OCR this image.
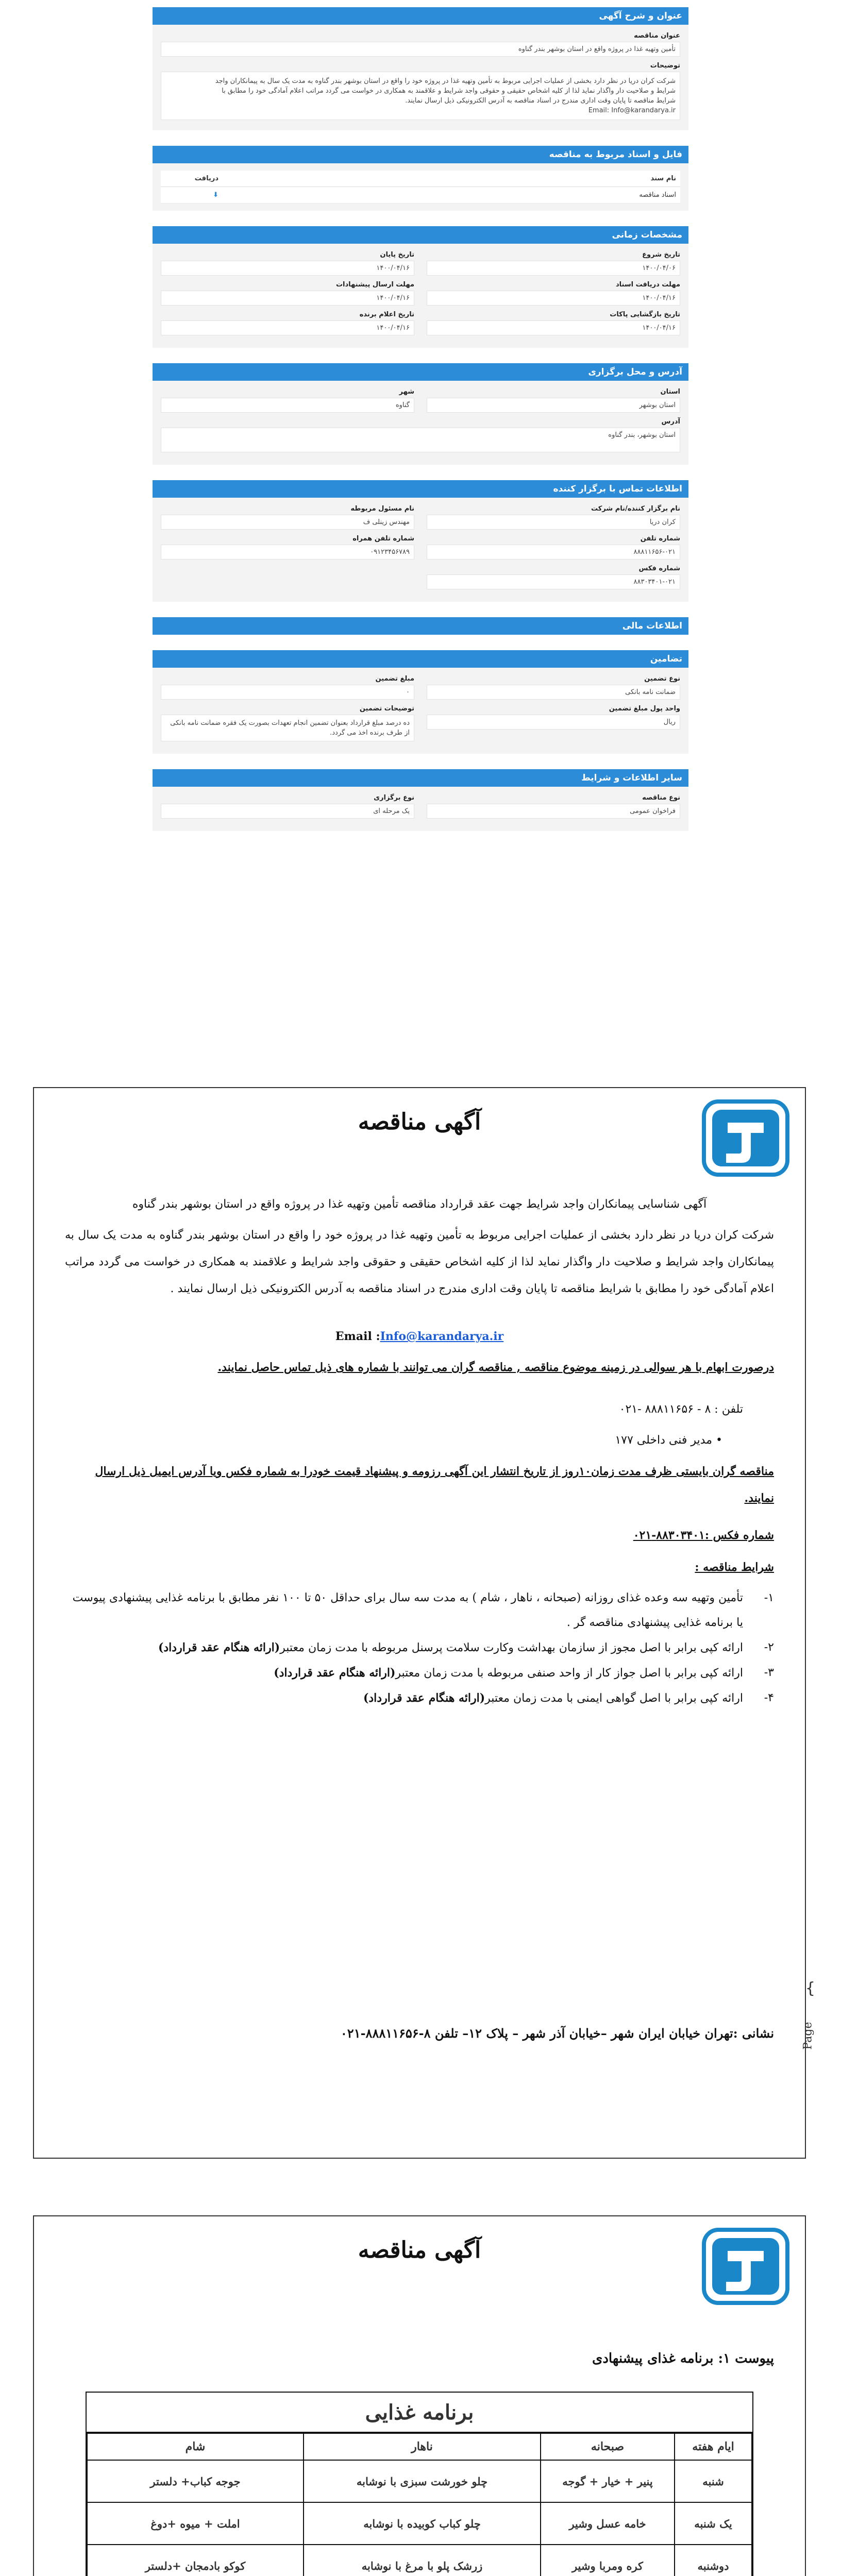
عنوان و شرح آگهی
عنوان مناقصه
تأمین وتهیه غذا در پروژه واقع در استان بوشهر بندر گناوه
توضیحات
شرکت کران دریا در نظر دارد بخشی از عملیات اجرایی مربوط به تأمین وتهیه غذا در پروژه خود را واقع در استان بوشهر بندر گناوه به مدت یک سال به پیمانکاران واجد
شرایط و صلاحیت دار واگذار نماید لذا از کلیه اشخاص حقیقی و حقوقی واجد شرایط و علاقمند به همکاری در خواست می گردد مراتب اعلام آمادگی خود را مطابق با
شرایط مناقصه تا پایان وقت اداری مندرج در اسناد مناقصه به آدرس الکترونیکی ذیل ارسال نمایند.
Email: Info@karandarya.ir
فایل و اسناد مربوط به مناقصه
نام سند	دریافت
اسناد مناقصه	⬇
مشخصات زمانی
تاریخ شروع
۱۴۰۰/۰۴/۰۶
مهلت دریافت اسناد
۱۴۰۰/۰۴/۱۶
تاریخ بازگشایی پاکات
۱۴۰۰/۰۴/۱۶
تاریخ پایان
۱۴۰۰/۰۴/۱۶
مهلت ارسال پیشنهادات
۱۴۰۰/۰۴/۱۶
تاریخ اعلام برنده
۱۴۰۰/۰۴/۱۶
آدرس و محل برگزاری
استان
استان بوشهر
شهر
گناوه
آدرس
استان بوشهر، بندر گناوه
اطلاعات تماس با برگزار کننده
نام برگزار کننده/نام شرکت
کران دریا
شماره تلفن
۸۸۸۱۱۶۵۶-۰۲۱
شماره فکس
۸۸۳۰۳۴۰۱-۰۲۱
نام مسئول مربوطه
مهندس زینلی ف
شماره تلفن همراه
۰۹۱۲۳۴۵۶۷۸۹
اطلاعات مالی
تضامین
نوع تضمین
ضمانت نامه بانکی
واحد پول مبلغ تضمین
ریال
مبلغ تضمین
۰
توضیحات تضمین
ده درصد مبلغ قرارداد بعنوان تضمین انجام تعهدات بصورت یک فقره ضمانت نامه بانکی از طرف برنده اخذ می گردد.
سایر اطلاعات و شرایط
نوع مناقصه
فراخوان عمومی
نوع برگزاری
یک مرحله ای
آگهی مناقصه
آگهی شناسایی پیمانکاران واجد شرایط جهت عقد قرارداد مناقصه تأمین وتهیه غذا در پروژه واقع در استان بوشهر بندر گناوه
شرکت کران دریا در نظر دارد بخشی از عملیات اجرایی مربوط به تأمین وتهیه غذا در پروژه خود را واقع در استان بوشهر بندر گناوه به مدت یک سال به پیمانکاران واجد شرایط و صلاحیت دار واگذار نماید لذا از کلیه اشخاص حقیقی و حقوقی واجد شرایط و علاقمند به همکاری در خواست می گردد مراتب اعلام آمادگی خود را مطابق با شرایط مناقصه تا پایان وقت اداری مندرج در اسناد مناقصه به آدرس الکترونیکی ذیل ارسال نمایند .
Email :Info@karandarya.ir
درصورت ابهام با هر سوالی در زمینه موضوع مناقصه , مناقصه گران می توانند با شماره های ذیل تماس حاصل نمایند.
تلفن : ۸ - ۸۸۸۱۱۶۵۶ -۰۲۱
• مدیر فنی داخلی ۱۷۷
مناقصه گران بایستی ظرف مدت زمان۱۰روز از تاریخ انتشار این آگهی رزومه و پیشنهاد قیمت خودرا به شماره فکس ویا آدرس ایمیل ذیل ارسال نمایند.
شماره فکس :۸۸۳۰۳۴۰۱-۰۲۱
شرایط مناقصه :
۱-
تأمین وتهیه سه وعده غذای روزانه (صبحانه ، ناهار ، شام ) به مدت سه سال برای حداقل ۵۰ تا ۱۰۰ نفر مطابق با برنامه غذایی پیشنهادی پیوست یا برنامه غذایی پیشنهادی مناقصه گر .
۲-
ارائه کپی برابر با اصل مجوز از سازمان بهداشت وکارت سلامت پرسنل مربوطه با مدت زمان معتبر(ارائه هنگام عقد قرارداد)
۳-
ارائه کپی برابر با اصل جواز کار از واحد صنفی مربوطه با مدت زمان معتبر(ارائه هنگام عقد قرارداد)
۴-
ارائه کپی برابر با اصل گواهی ایمنی با مدت زمان معتبر(ارائه هنگام عقد قرارداد)
{
Page
نشانی :تهران خیابان ایران شهر –خیابان آذر شهر – پلاک ۱۲– تلفن ۸-۸۸۸۱۱۶۵۶-۰۲۱
آگهی مناقصه
پیوست ۱: برنامه غذای پیشنهادی
برنامه غذایی
ایام هفته	صبحانه	ناهار	شام
شنبه	پنیر + خیار + گوجه	چلو خورشت سبزی با نوشابه	جوجه کباب+ دلستر
یک شنبه	خامه عسل وشیر	چلو کباب کوبیده با نوشابه	املت + میوه +دوغ
دوشنبه	کره ومربا وشیر	زرشک پلو با مرغ با نوشابه	کوکو بادمجان +دلستر
